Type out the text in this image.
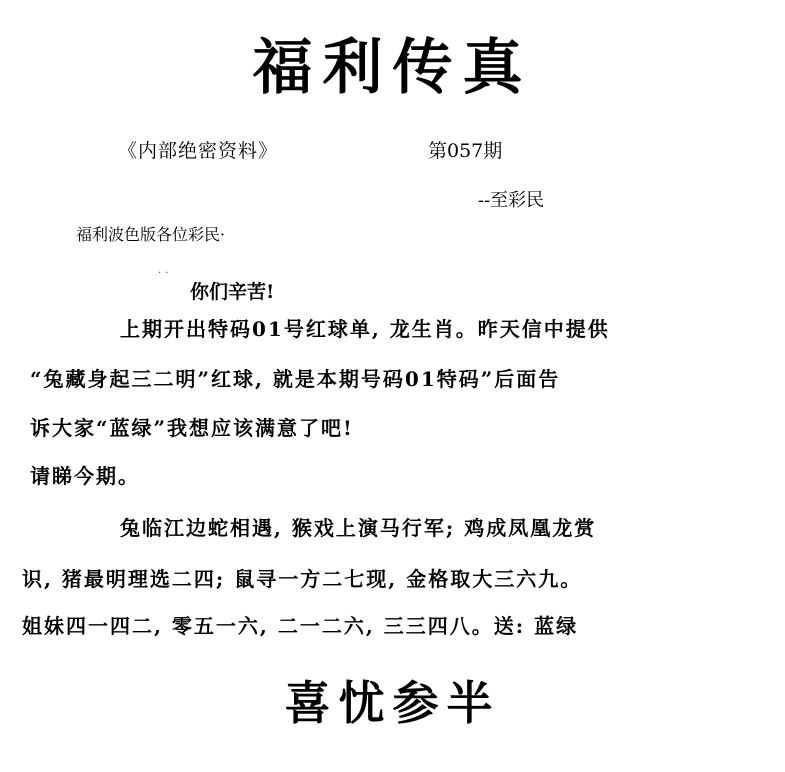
福利传真
《内部绝密资料》	第057期
--至彩民
福利波色版各位彩民·
··
你们辛苦!
上期开出特码01号红球单, 龙生肖。昨天信中提供
“兔藏身起三二明”红球, 就是本期号码01特码”后面告
诉大家“蓝绿”我想应该满意了吧!
请睇今期。
兔临江边蛇相遇, 猴戏上演马行军; 鸡成凤凰龙赏
识, 猪最明理选二四; 鼠寻一方二七现, 金格取大三六九。
姐妹四一四二, 零五一六, 二一二六, 三三四八。送: 蓝绿
喜忧参半
